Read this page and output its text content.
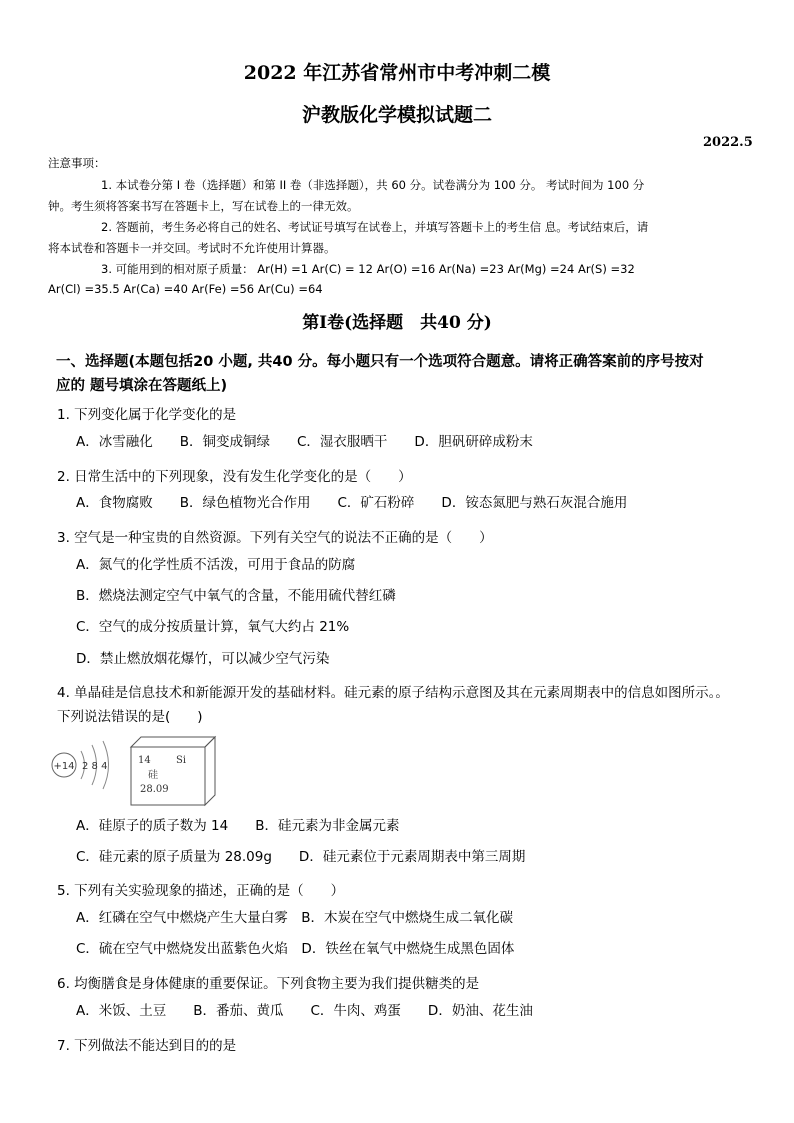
2022 年江苏省常州市中考冲刺二模
沪教版化学模拟试题二
2022.5
注意事项：
1. 本试卷分第 I 卷（选择题）和第 II 卷（非选择题），共 60 分。试卷满分为 100 分。 考试时间为 100 分
钟。考生须将答案书写在答题卡上，写在试卷上的一律无效。
2. 答题前，考生务必将自己的姓名、考试证号填写在试卷上，并填写答题卡上的考生信 息。考试结束后，请
将本试卷和答题卡一并交回。考试时不允许使用计算器。
3. 可能用到的相对原子质量： Ar(H) =1 Ar(C) = 12 Ar(O) =16 Ar(Na) =23 Ar(Mg) =24 Ar(S) =32
Ar(Cl) =35.5 Ar(Ca) =40 Ar(Fe) =56 Ar(Cu) =64
第Ⅰ卷(选择题　共40 分)
一、选择题(本题包括20 小题, 共40 分。每小题只有一个选项符合题意。请将正确答案前的序号按对
应的 题号填涂在答题纸上)
1. 下列变化属于化学变化的是
A．冰雪融化　　B．铜变成铜绿　　C．湿衣服晒干　　D．胆矾研碎成粉末
2. 日常生活中的下列现象，没有发生化学变化的是（　　）
A．食物腐败　　B．绿色植物光合作用　　C．矿石粉碎　　D．铵态氮肥与熟石灰混合施用
3. 空气是一种宝贵的自然资源。下列有关空气的说法不正确的是（　　）
A．氮气的化学性质不活泼，可用于食品的防腐
B．燃烧法测定空气中氧气的含量，不能用硫代替红磷
C．空气的成分按质量计算，氧气大约占 21%
D．禁止燃放烟花爆竹，可以减少空气污染
4. 单晶硅是信息技术和新能源开发的基础材料。硅元素的原子结构示意图及其在元素周期表中的信息如图所示。。
下列说法错误的是(　　)
+14 2 8 4
14	Si
硅
28.09
A．硅原子的质子数为 14　　B．硅元素为非金属元素
C．硅元素的原子质量为 28.09g　　D．硅元素位于元素周期表中第三周期
5. 下列有关实验现象的描述，正确的是（　　）
A．红磷在空气中燃烧产生大量白雾　B．木炭在空气中燃烧生成二氧化碳
C．硫在空气中燃烧发出蓝紫色火焰　D．铁丝在氧气中燃烧生成黑色固体
6. 均衡膳食是身体健康的重要保证。下列食物主要为我们提供糖类的是
A．米饭、土豆　　B．番茄、黄瓜　　C．牛肉、鸡蛋　　D．奶油、花生油
7. 下列做法不能达到目的的是
